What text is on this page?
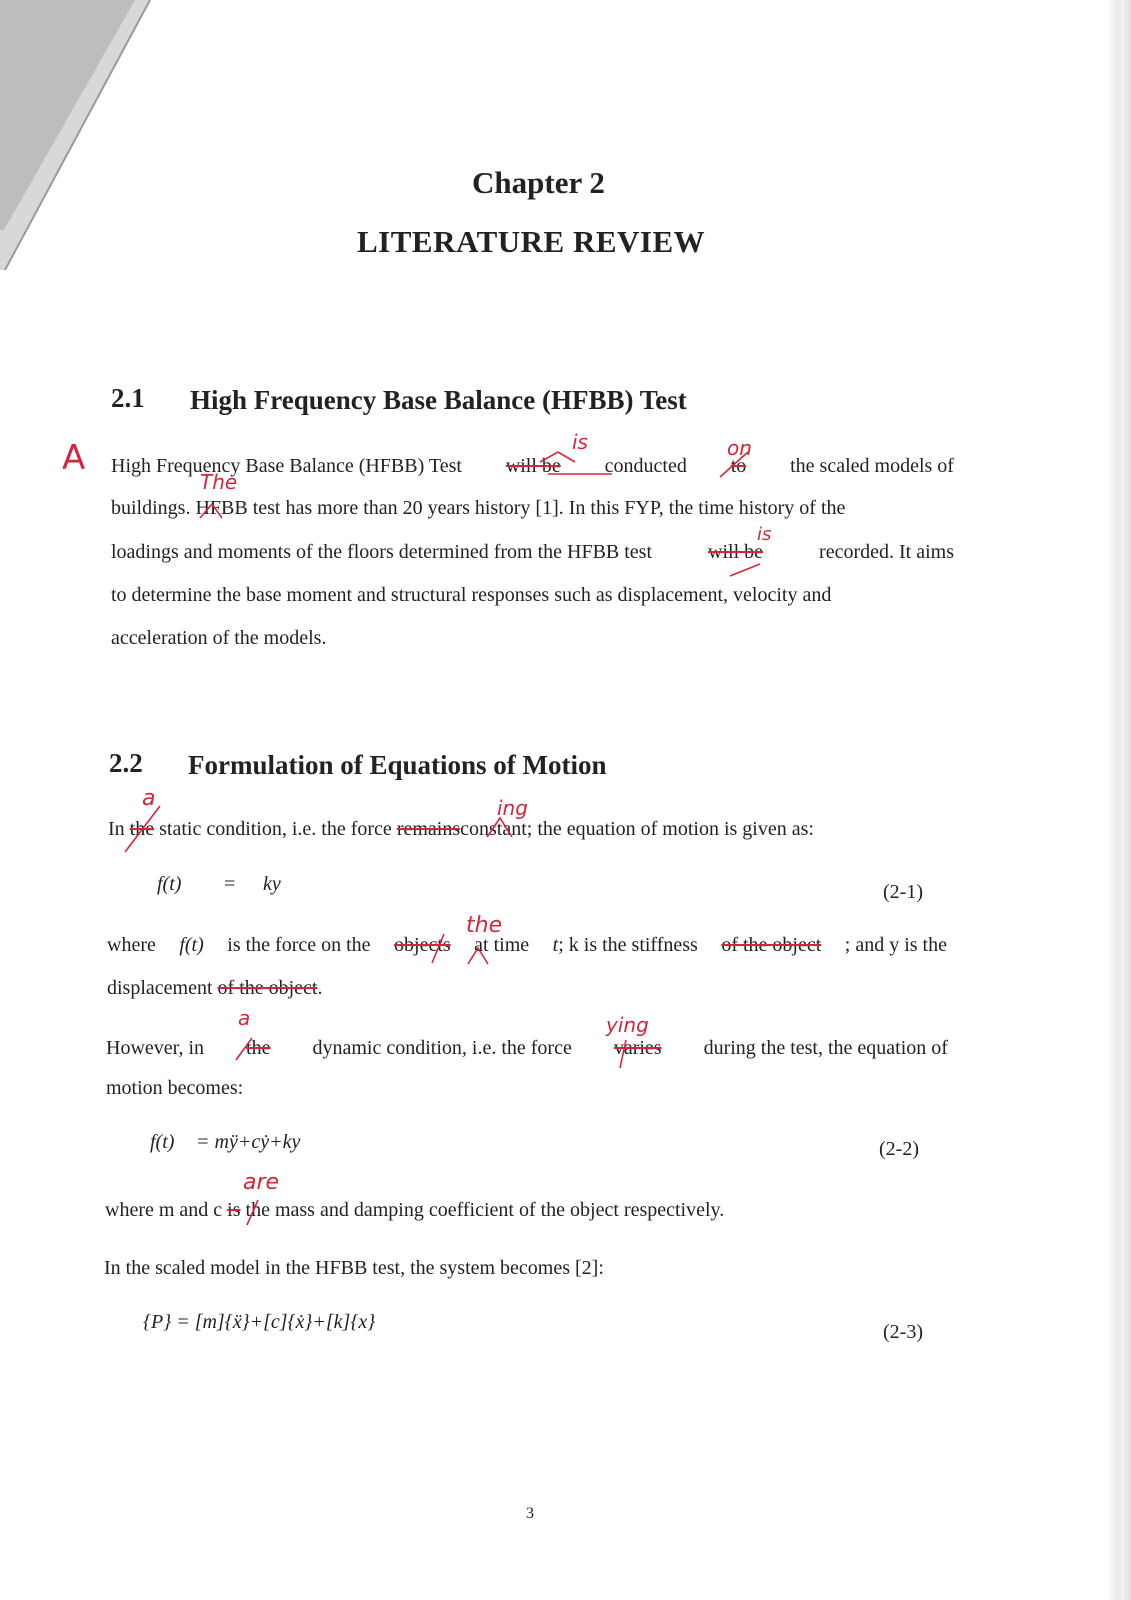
Chapter 2
LITERATURE REVIEW
2.1 High Frequency Base Balance (HFBB) Test
High Frequency Base Balance (HFBB) Test will be conducted to the scaled models of
buildings. HFBB test has more than 20 years history [1]. In this FYP, the time history of the
loadings and moments of the floors determined from the HFBB test	will be	recorded. It aims
to determine the base moment and structural responses such as displacement, velocity and
acceleration of the models.
2.2 Formulation of Equations of Motion
In the static condition, i.e. the force remainsconstant; the equation of motion is given as:
f(t) = ky	(2-1)
where f(t) is the force on the objects at time t; k is the stiffness of the object ; and y is the
displacement of the object.
However, in the dynamic condition, i.e. the force varies during the test, the equation of
motion becomes:
f(t) = mÿ+cẏ+ky	(2-2)
where m and c is the mass and damping coefficient of the object respectively.
In the scaled model in the HFBB test, the system becomes [2]:
{P} = [m]{ẍ}+[c]{ẋ}+[k]{x}	(2-3)
A	is	on
The
is
a	ing
the
a	ying
are
3
